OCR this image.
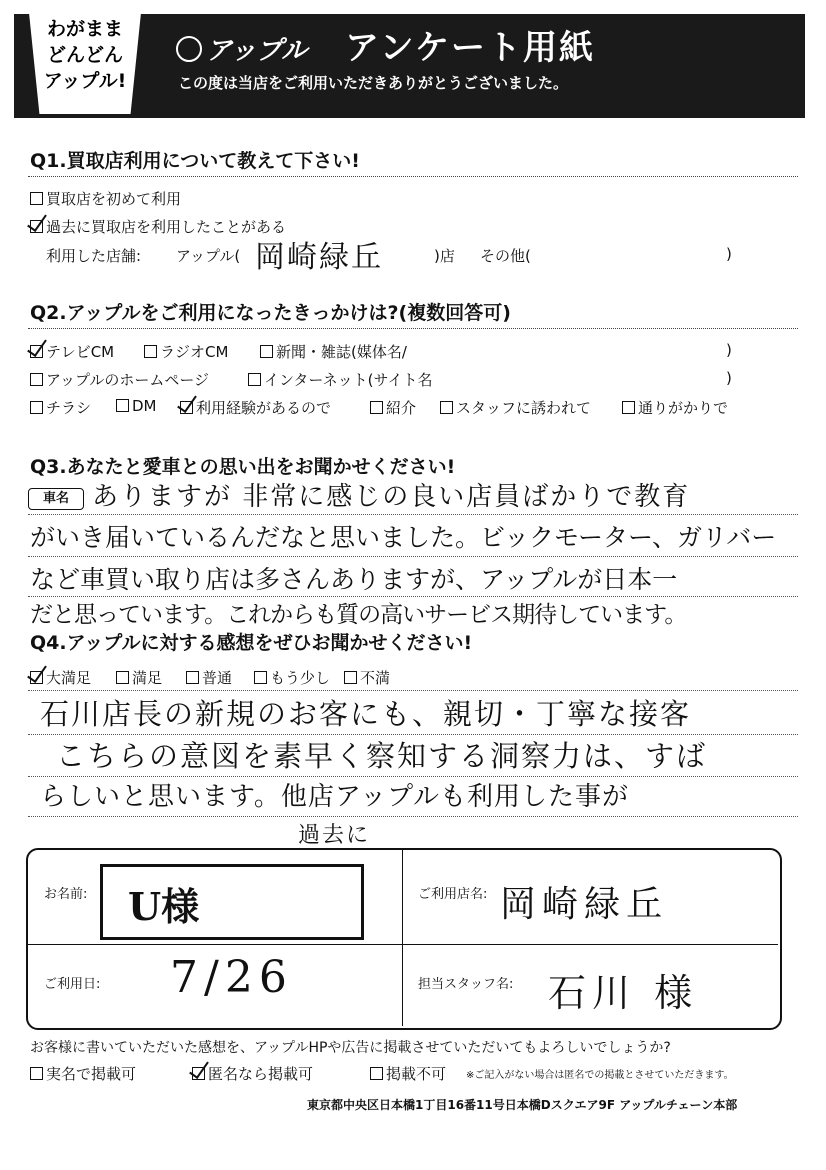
わがまま
どんどん
アップル!
アップル アンケート用紙
この度は当店をご利用いただきありがとうございました。
Q1.買取店利用について教えて下さい!
買取店を初めて利用
過去に買取店を利用したことがある
利用した店舗: アップル( 岡崎緑丘	)店 その他(	)
Q2.アップルをご利用になったきっかけは?(複数回答可)
テレビCM	ラジオCM	新聞・雑誌(媒体名/	)
アップルのホームページ	インターネット(サイト名	)
チラシ	DM	利用経験があるので	紹介	スタッフに誘われて	通りがかりで
Q3.あなたと愛車との思い出をお聞かせください!
車名 ありますが 非常に感じの良い店員ばかりで教育
がいき届いているんだなと思いました。ビックモーター、ガリバー
など車買い取り店は多さんありますが、アップルが日本一
だと思っています。これからも質の高いサービス期待しています。
Q4.アップルに対する感想をぜひお聞かせください!
大満足	満足	普通	もう少し	不満
石川店長の新規のお客にも、親切・丁寧な接客
こちらの意図を素早く察知する洞察力は、すば
らしいと思います。他店アップルも利用した事が
過去に
お名前: U様	ご利用店名: 岡崎緑丘
ご利用日: 7/26	担当スタッフ名: 石川 様
お客様に書いていただいた感想を、アップルHPや広告に掲載させていただいてもよろしいでしょうか?
実名で掲載可	匿名なら掲載可	掲載不可 ※ご記入がない場合は匿名での掲載とさせていただきます。
東京都中央区日本橋1丁目16番11号日本橋Dスクエア9F アップルチェーン本部
